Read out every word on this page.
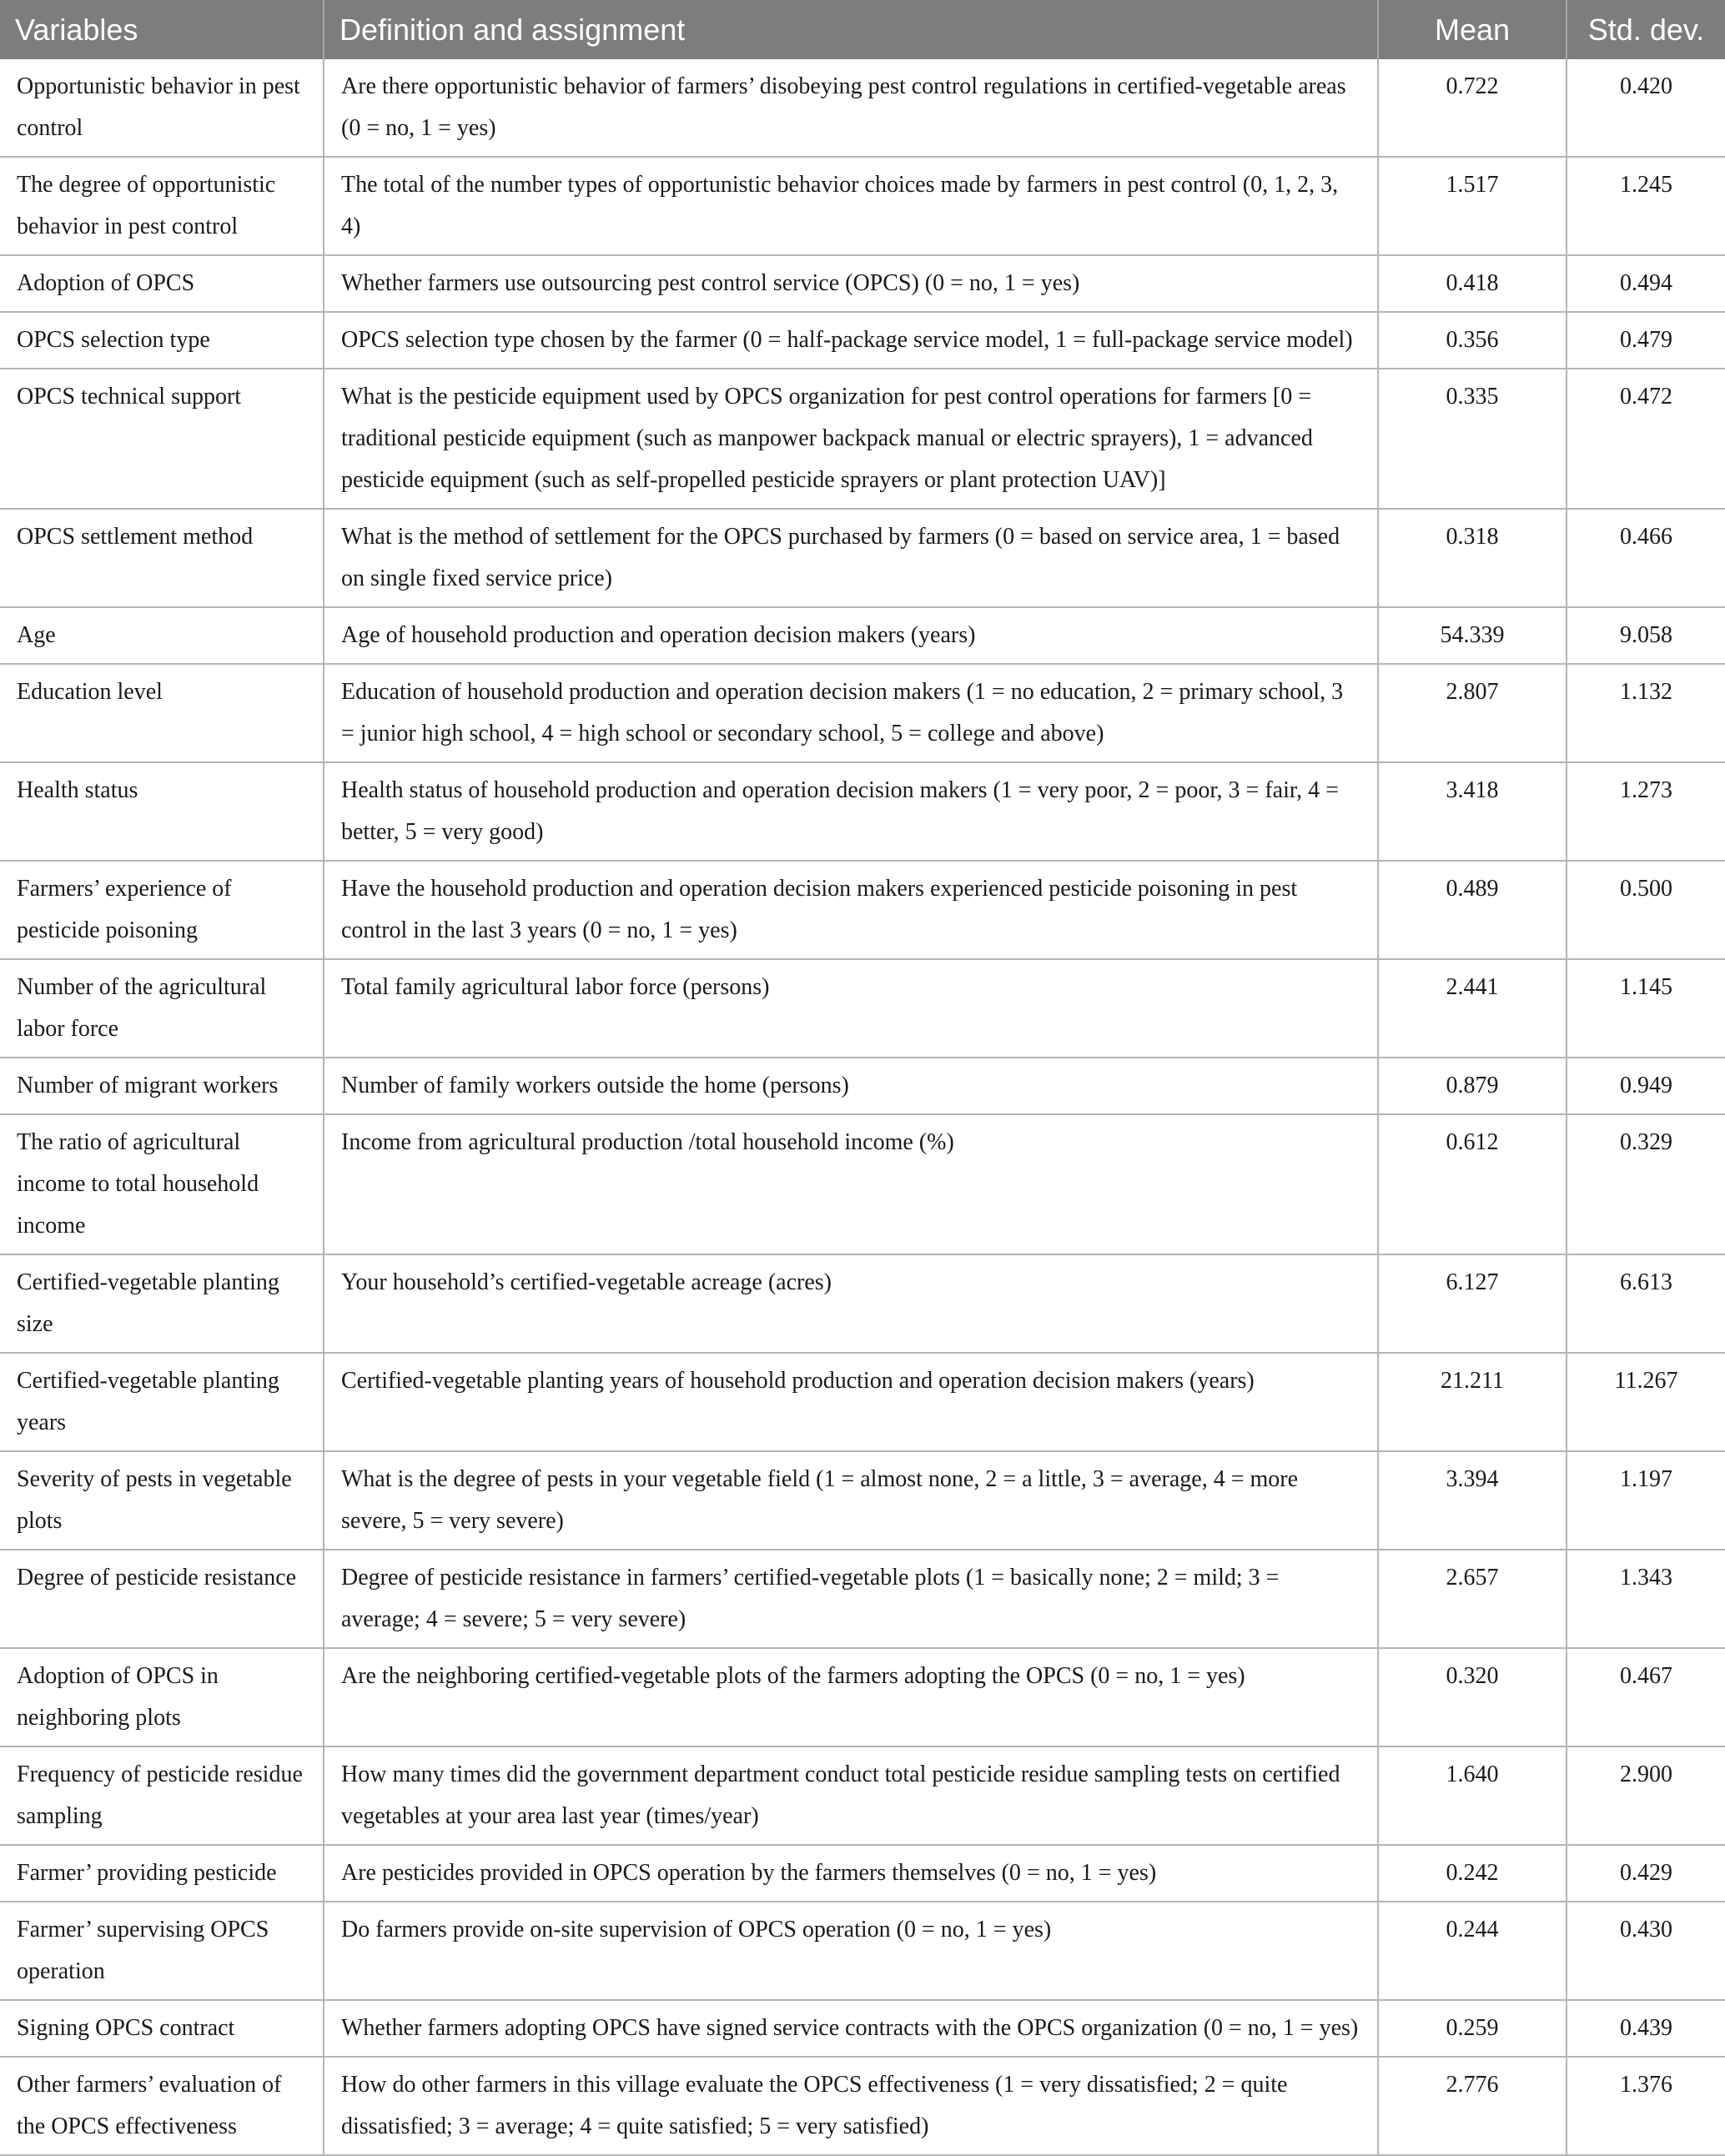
Variables	Definition and assignment	Mean	Std. dev.
Opportunistic behavior in pest control	Are there opportunistic behavior of farmers’ disobeying pest control regulations in certified-vegetable areas (0 = no, 1 = yes)	0.722	0.420
The degree of opportunistic behavior in pest control	The total of the number types of opportunistic behavior choices made by farmers in pest control (0, 1, 2, 3, 4)	1.517	1.245
Adoption of OPCS	Whether farmers use outsourcing pest control service (OPCS) (0 = no, 1 = yes)	0.418	0.494
OPCS selection type	OPCS selection type chosen by the farmer (0 = half-package service model, 1 = full-package service model)	0.356	0.479
OPCS technical support	What is the pesticide equipment used by OPCS organization for pest control operations for farmers [0 = traditional pesticide equipment (such as manpower backpack manual or electric sprayers), 1 = advanced pesticide equipment (such as self-propelled pesticide sprayers or plant protection UAV)]	0.335	0.472
OPCS settlement method	What is the method of settlement for the OPCS purchased by farmers (0 = based on service area, 1 = based on single fixed service price)	0.318	0.466
Age	Age of household production and operation decision makers (years)	54.339	9.058
Education level	Education of household production and operation decision makers (1 = no education, 2 = primary school, 3 = junior high school, 4 = high school or secondary school, 5 = college and above)	2.807	1.132
Health status	Health status of household production and operation decision makers (1 = very poor, 2 = poor, 3 = fair, 4 = better, 5 = very good)	3.418	1.273
Farmers’ experience of pesticide poisoning	Have the household production and operation decision makers experienced pesticide poisoning in pest control in the last 3 years (0 = no, 1 = yes)	0.489	0.500
Number of the agricultural labor force	Total family agricultural labor force (persons)	2.441	1.145
Number of migrant workers	Number of family workers outside the home (persons)	0.879	0.949
The ratio of agricultural income to total household income	Income from agricultural production /total household income (%)	0.612	0.329
Certified-vegetable planting size	Your household’s certified-vegetable acreage (acres)	6.127	6.613
Certified-vegetable planting years	Certified-vegetable planting years of household production and operation decision makers (years)	21.211	11.267
Severity of pests in vegetable plots	What is the degree of pests in your vegetable field (1 = almost none, 2 = a little, 3 = average, 4 = more severe, 5 = very severe)	3.394	1.197
Degree of pesticide resistance	Degree of pesticide resistance in farmers’ certified-vegetable plots (1 = basically none; 2 = mild; 3 = average; 4 = severe; 5 = very severe)	2.657	1.343
Adoption of OPCS in neighboring plots	Are the neighboring certified-vegetable plots of the farmers adopting the OPCS (0 = no, 1 = yes)	0.320	0.467
Frequency of pesticide residue sampling	How many times did the government department conduct total pesticide residue sampling tests on certified vegetables at your area last year (times/year)	1.640	2.900
Farmer’ providing pesticide	Are pesticides provided in OPCS operation by the farmers themselves (0 = no, 1 = yes)	0.242	0.429
Farmer’ supervising OPCS operation	Do farmers provide on-site supervision of OPCS operation (0 = no, 1 = yes)	0.244	0.430
Signing OPCS contract	Whether farmers adopting OPCS have signed service contracts with the OPCS organization (0 = no, 1 = yes)	0.259	0.439
Other farmers’ evaluation of the OPCS effectiveness	How do other farmers in this village evaluate the OPCS effectiveness (1 = very dissatisfied; 2 = quite dissatisfied; 3 = average; 4 = quite satisfied; 5 = very satisfied)	2.776	1.376
